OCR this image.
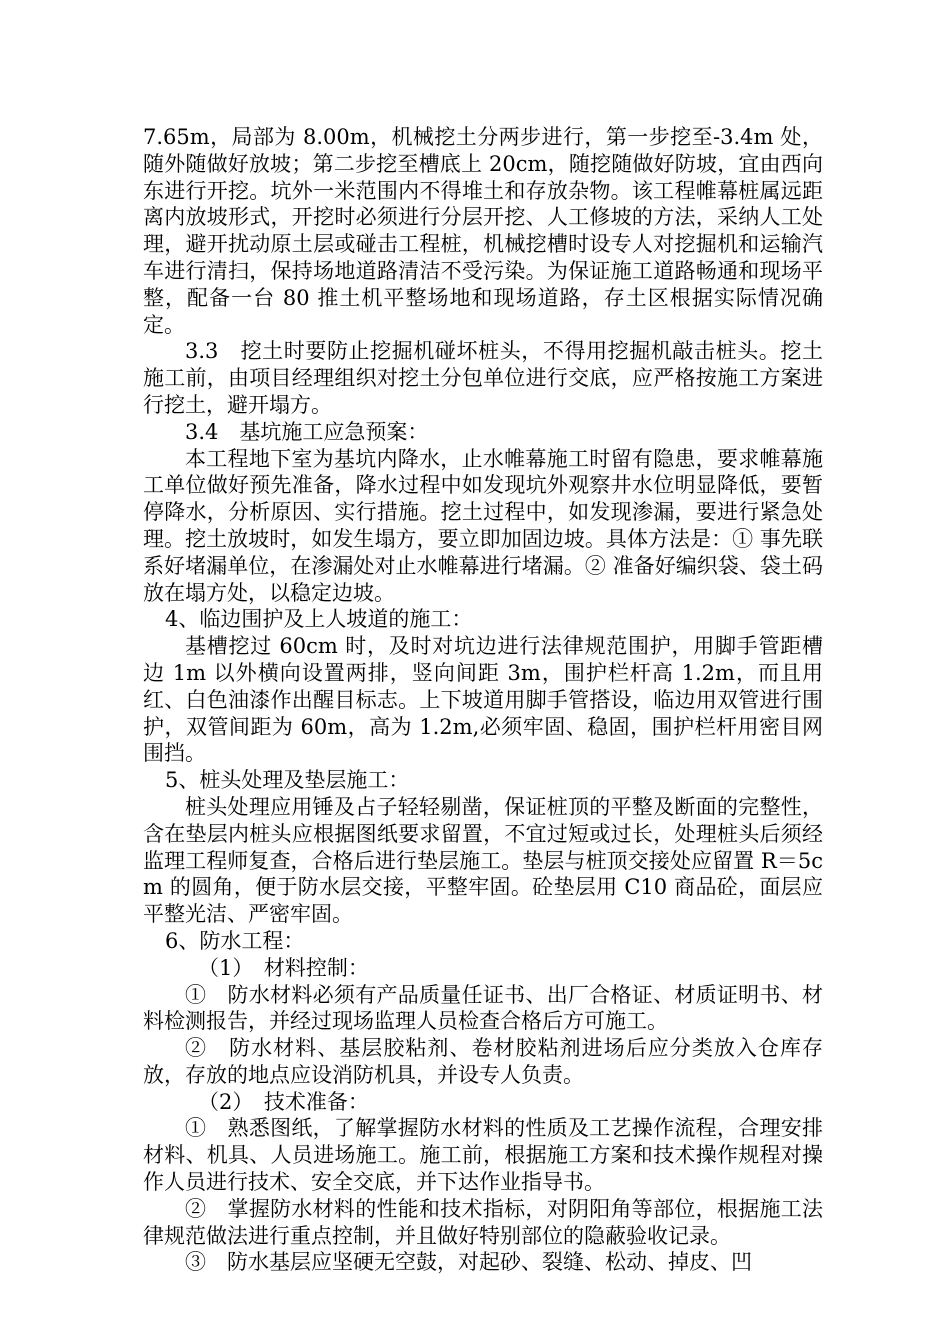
7.65m，局部为 8.00m，机械挖土分两步进行，第一步挖至-3.4m 处，随外随做好放坡；第二步挖至槽底上 20cm，随挖随做好防坡，宜由西向东进行开挖。坑外一米范围内不得堆土和存放杂物。该工程帷幕桩属远距离内放坡形式，开挖时必须进行分层开挖、人工修坡的方法，采纳人工处理，避开扰动原土层或碰击工程桩，机械挖槽时设专人对挖掘机和运输汽车进行清扫，保持场地道路清洁不受污染。为保证施工道路畅通和现场平整，配备一台 80 推土机平整场地和现场道路，存土区根据实际情况确定。

3.3　挖土时要防止挖掘机碰坏桩头，不得用挖掘机敲击桩头。挖土施工前，由项目经理组织对挖土分包单位进行交底，应严格按施工方案进行挖土，避开塌方。

3.4　基坑施工应急预案：

本工程地下室为基坑内降水，止水帷幕施工时留有隐患，要求帷幕施工单位做好预先准备，降水过程中如发现坑外观察井水位明显降低，要暂停降水，分析原因、实行措施。挖土过程中，如发现渗漏，要进行紧急处理。挖土放坡时，如发生塌方，要立即加固边坡。具体方法是：① 事先联系好堵漏单位，在渗漏处对止水帷幕进行堵漏。② 准备好编织袋、袋土码放在塌方处，以稳定边坡。

4、临边围护及上人坡道的施工：

基槽挖过 60cm 时，及时对坑边进行法律规范围护，用脚手管距槽边 1m 以外横向设置两排，竖向间距 3m，围护栏杆高 1.2m，而且用红、白色油漆作出醒目标志。上下坡道用脚手管搭设，临边用双管进行围护，双管间距为 60m，高为 1.2m,必须牢固、稳固，围护栏杆用密目网围挡。

5、桩头处理及垫层施工：

桩头处理应用锤及占子轻轻剔凿，保证桩顶的平整及断面的完整性，含在垫层内桩头应根据图纸要求留置，不宜过短或过长，处理桩头后须经监理工程师复查，合格后进行垫层施工。垫层与桩顶交接处应留置 R＝5cm 的圆角，便于防水层交接，平整牢固。砼垫层用 C10 商品砼，面层应平整光洁、严密牢固。

6、防水工程：

（1）　材料控制：

①　防水材料必须有产品质量任证书、出厂合格证、材质证明书、材料检测报告，并经过现场监理人员检查合格后方可施工。

②　防水材料、基层胶粘剂、卷材胶粘剂进场后应分类放入仓库存放，存放的地点应设消防机具，并设专人负责。

（2）　技术准备：

①　熟悉图纸，了解掌握防水材料的性质及工艺操作流程，合理安排材料、机具、人员进场施工。施工前，根据施工方案和技术操作规程对操作人员进行技术、安全交底，并下达作业指导书。

②　掌握防水材料的性能和技术指标，对阴阳角等部位，根据施工法律规范做法进行重点控制，并且做好特别部位的隐蔽验收记录。

③　防水基层应坚硬无空鼓，对起砂、裂缝、松动、掉皮、凹
